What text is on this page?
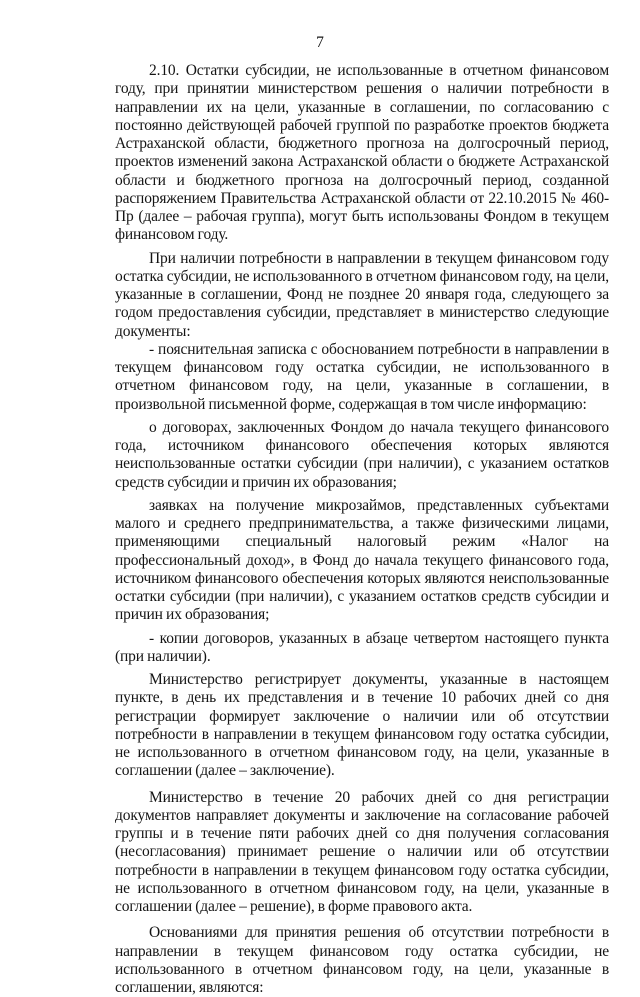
7

2.10. Остатки субсидии, не использованные в отчетном финансовом году, при принятии министерством решения о наличии потребности в направлении их на цели, указанные в соглашении, по согласованию с постоянно действующей рабочей группой по разработке проектов бюджета Астраханской области, бюджетного прогноза на долгосрочный период, проектов изменений закона Астраханской области о бюджете Астраханской области и бюджетного прогноза на долгосрочный период, созданной распоряжением Правительства Астраханской области от 22.10.2015 № 460-Пр (далее – рабочая группа), могут быть использованы Фондом в текущем финансовом году.

При наличии потребности в направлении в текущем финансовом году остатка субсидии, не использованного в отчетном финансовом году, на цели, указанные в соглашении, Фонд не позднее 20 января года, следующего за годом предоставления субсидии, представляет в министерство следующие документы:

- пояснительная записка с обоснованием потребности в направлении в текущем финансовом году остатка субсидии, не использованного в отчетном финансовом году, на цели, указанные в соглашении, в произвольной письменной форме, содержащая в том числе информацию:

о договорах, заключенных Фондом до начала текущего финансового года, источником финансового обеспечения которых являются неиспользованные остатки субсидии (при наличии), с указанием остатков средств субсидии и причин их образования;

заявках на получение микрозаймов, представленных субъектами малого и среднего предпринимательства, а также физическими лицами, применяющими специальный налоговый режим «Налог на профессиональный доход», в Фонд до начала текущего финансового года, источником финансового обеспечения которых являются неиспользованные остатки субсидии (при наличии), с указанием остатков средств субсидии и причин их образования;

- копии договоров, указанных в абзаце четвертом настоящего пункта (при наличии).

Министерство регистрирует документы, указанные в настоящем пункте, в день их представления и в течение 10 рабочих дней со дня регистрации формирует заключение о наличии или об отсутствии потребности в направлении в текущем финансовом году остатка субсидии, не использованного в отчетном финансовом году, на цели, указанные в соглашении (далее – заключение).

Министерство в течение 20 рабочих дней со дня регистрации документов направляет документы и заключение на согласование рабочей группы и в течение пяти рабочих дней со дня получения согласования (несогласования) принимает решение о наличии или об отсутствии потребности в направлении в текущем финансовом году остатка субсидии, не использованного в отчетном финансовом году, на цели, указанные в соглашении (далее – решение), в форме правового акта.

Основаниями для принятия решения об отсутствии потребности в направлении в текущем финансовом году остатка субсидии, не использованного в отчетном финансовом году, на цели, указанные в соглашении, являются:
